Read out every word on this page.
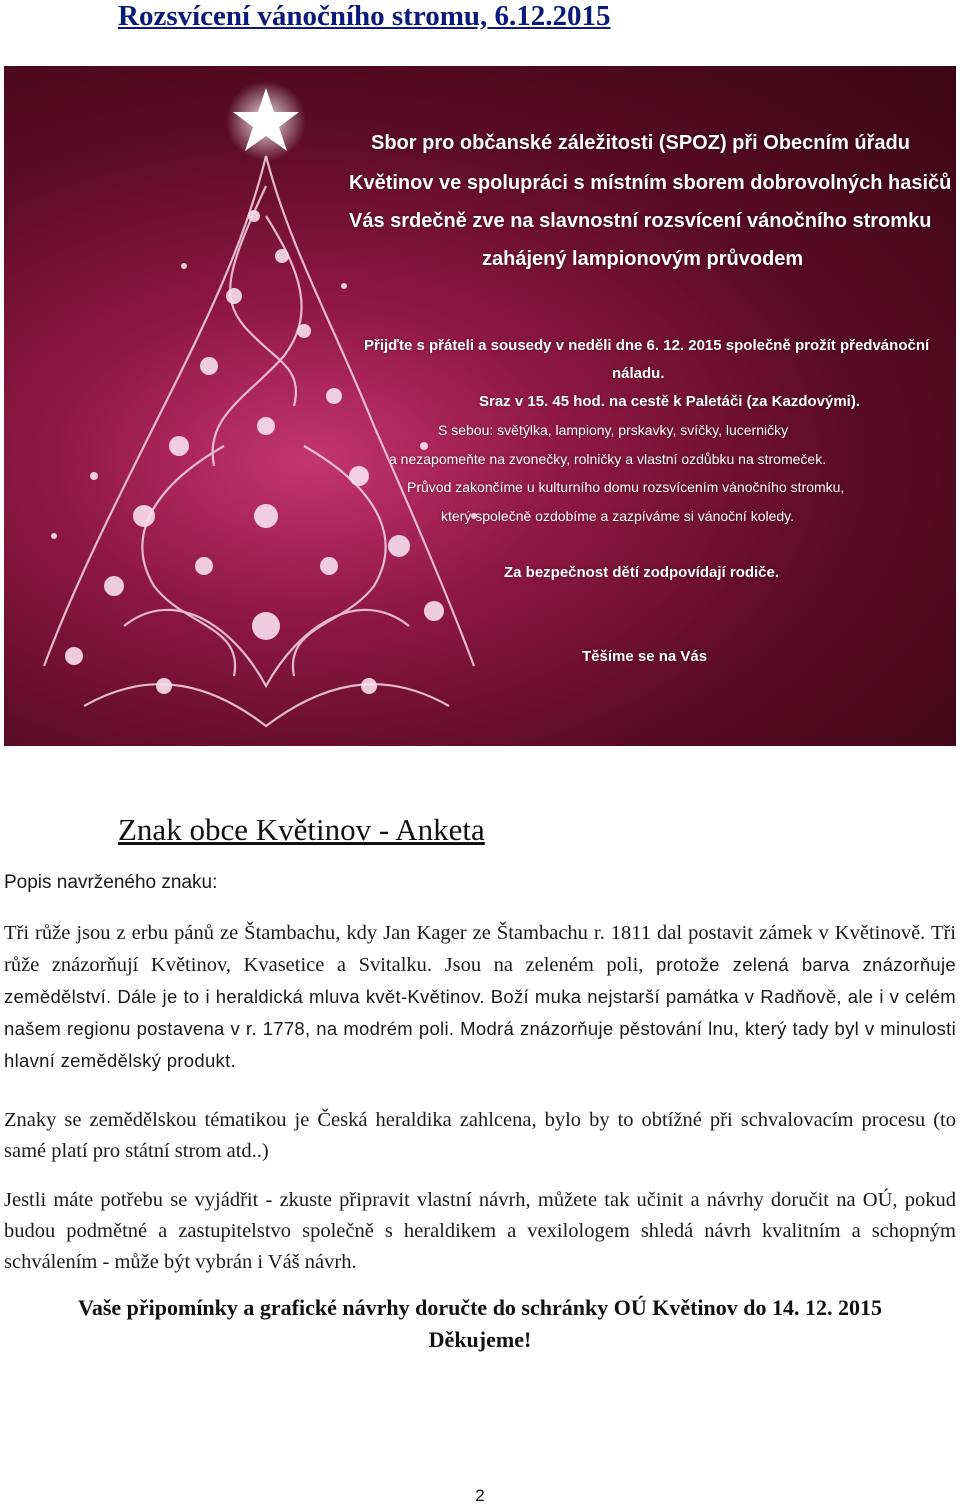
Rozsvícení vánočního stromu, 6.12.2015
Sbor pro občanské záležitosti (SPOZ) při Obecním úřadu
Květinov ve spolupráci s místním sborem dobrovolných hasičů
Vás srdečně zve na slavnostní rozsvícení vánočního stromku
zahájený lampionovým průvodem
Přijďte s přáteli a sousedy v neděli dne 6. 12. 2015 společně prožít předvánoční
náladu.
Sraz v 15. 45 hod. na cestě k Paletáči (za Kazdovými).
S sebou: světýlka, lampiony, prskavky, svíčky, lucerničky
a nezapomeňte na zvonečky, rolničky a vlastní ozdůbku na stromeček.
Průvod zakončíme u kulturního domu rozsvícením vánočního stromku,
který společně ozdobíme a zazpíváme si vánoční koledy.
Za bezpečnost dětí zodpovídají rodiče.
Těšíme se na Vás
Znak obce Květinov - Anketa
Popis navrženého znaku:
Tři růže jsou z erbu pánů ze Štambachu, kdy Jan Kager ze Štambachu r. 1811 dal postavit zámek v Květinově. Tři růže znázorňují Květinov, Kvasetice a Svitalku. Jsou na zeleném poli, protože zelená barva znázorňuje zemědělství. Dále je to i heraldická mluva květ-Květinov. Boží muka nejstarší památka v Radňově, ale i v celém našem regionu postavena v r. 1778, na modrém poli. Modrá znázorňuje pěstování lnu, který tady byl v minulosti hlavní zemědělský produkt.
Znaky se zemědělskou tématikou je Česká heraldika zahlcena, bylo by to obtížné při schvalovacím procesu (to samé platí pro státní strom atd..)
Jestli máte potřebu se vyjádřit - zkuste připravit vlastní návrh, můžete tak učinit a návrhy doručit na OÚ, pokud budou podmětné a zastupitelstvo společně s heraldikem a vexilologem shledá návrh kvalitním a schopným schválením - může být vybrán i Váš návrh.
Vaše připomínky a grafické návrhy doručte do schránky OÚ Květinov do 14. 12. 2015
Děkujeme!
2
